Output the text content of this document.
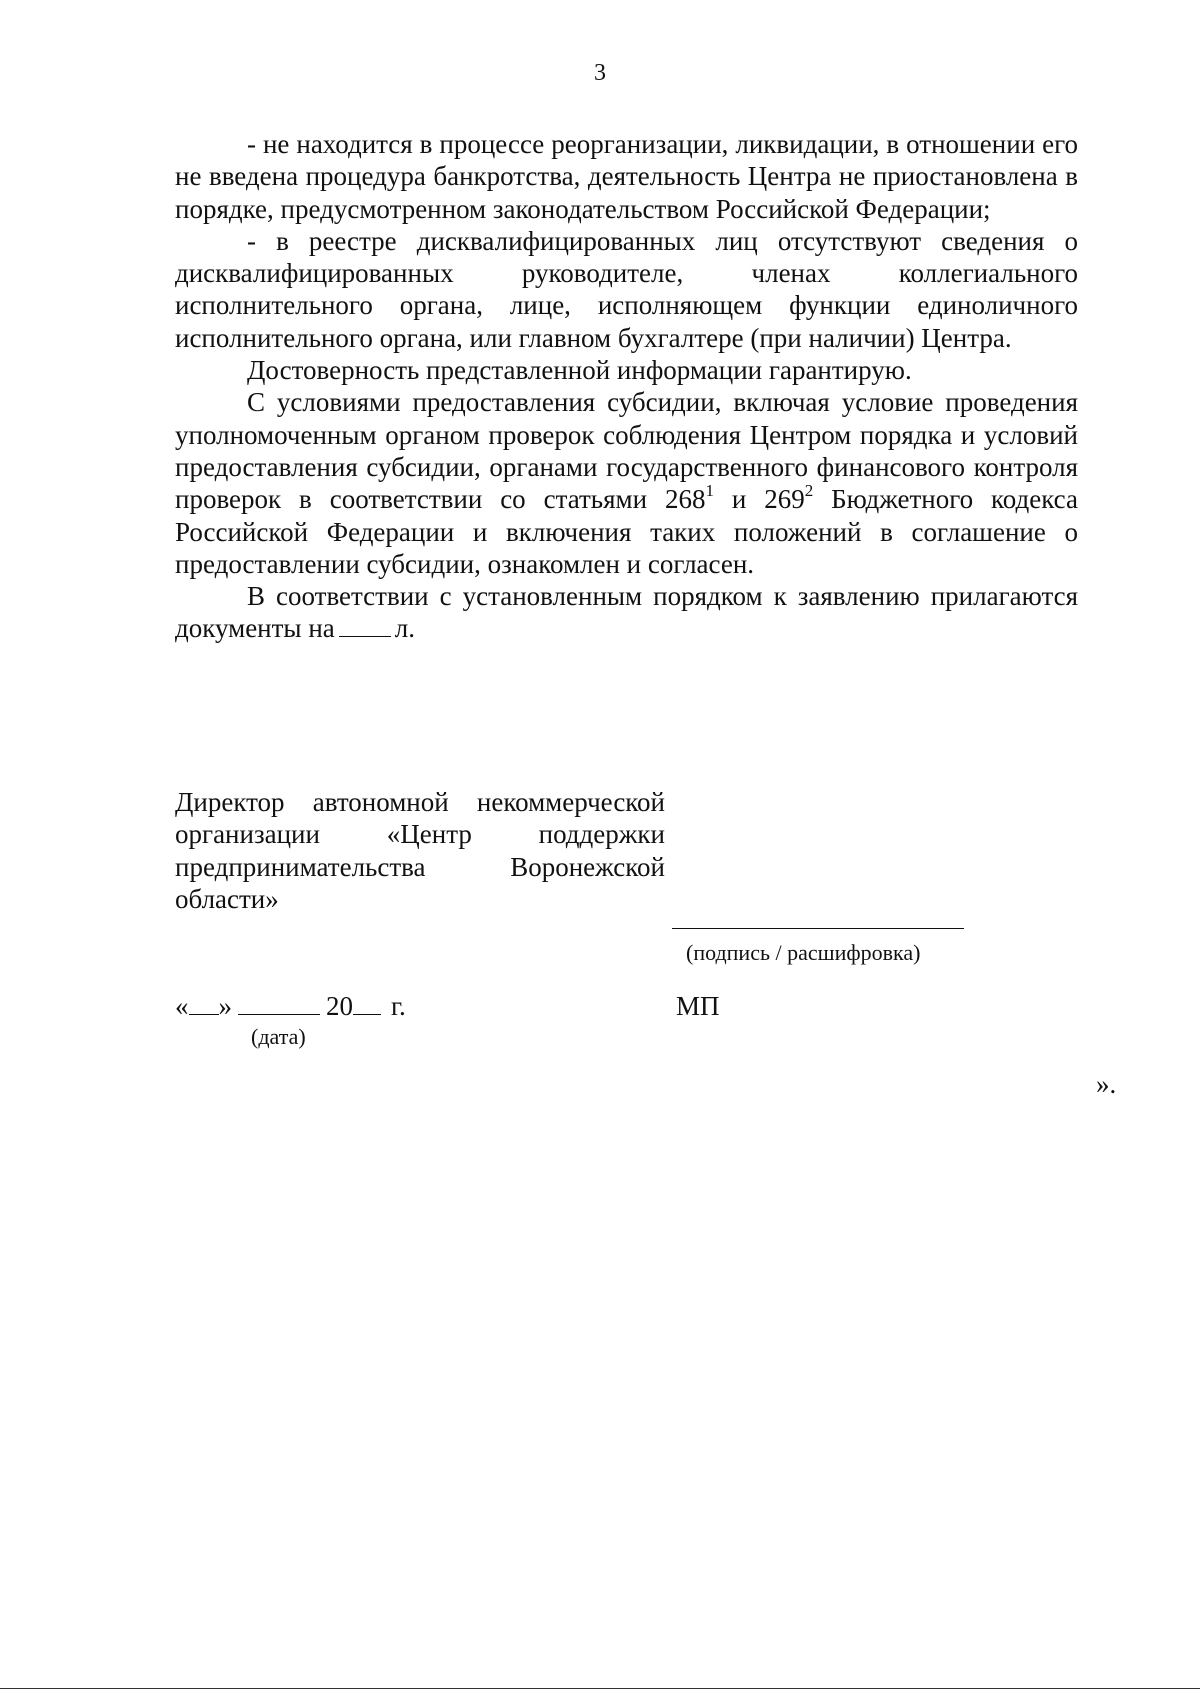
3

- не находится в процессе реорганизации, ликвидации, в отношении его не введена процедура банкротства, деятельность Центра не приостановлена в порядке, предусмотренном законодательством Российской Федерации;

- в реестре дисквалифицированных лиц отсутствуют сведения о дисквалифицированных руководителе, членах коллегиального исполнительного органа, лице, исполняющем функции единоличного исполнительного органа, или главном бухгалтере (при наличии) Центра.

Достоверность представленной информации гарантирую.

С условиями предоставления субсидии, включая условие проведения уполномоченным органом проверок соблюдения Центром порядка и условий предоставления субсидии, органами государственного финансового контроля проверок в соответствии со статьями $268^1$ и $269^2$ Бюджетного кодекса Российской Федерации и включения таких положений в соглашение о предоставлении субсидии, ознакомлен и согласен.

В соответствии с установленным порядком к заявлению прилагаются документы на л.

Директор автономной некоммерческой организации «Центр поддержки предпринимательства Воронежской области»
(подпись / расшифровка)
« »	20 г.
(дата)
МП
».
